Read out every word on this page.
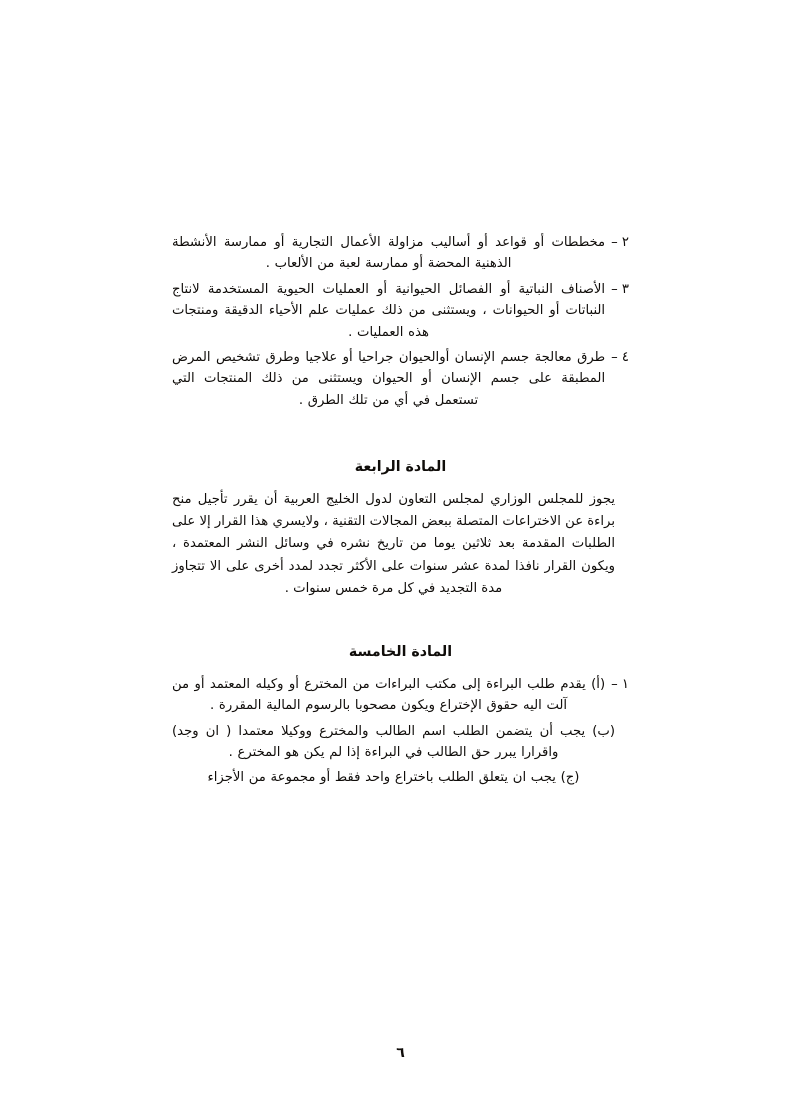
٢ –
مخططات أو قواعد أو أساليب مزاولة الأعمال التجارية أو ممارسة الأنشطة الذهنية المحضة أو ممارسة لعبة من الألعاب .
٣ –
الأصناف النباتية أو الفصائل الحيوانية أو العمليات الحيوية المستخدمة لانتاج النباتات أو الحيوانات ، ويستثنى من ذلك عمليات علم الأحياء الدقيقة ومنتجات هذه العمليات .
٤ –
طرق معالجة جسم الإنسان أوالحيوان جراحيا أو علاجيا وطرق تشخيص المرض المطبقة على جسم الإنسان أو الحيوان ويستثنى من ذلك المنتجات التي تستعمل في أي من تلك الطرق .
المادة الرابعة

يجوز للمجلس الوزاري لمجلس التعاون لدول الخليج العربية أن يقرر تأجيل منح براءة عن الاختراعات المتصلة ببعض المجالات التقنية ، ولايسري هذا القرار إلا على الطلبات المقدمة بعد ثلاثين يوما من تاريخ نشره في وسائل النشر المعتمدة ، ويكون القرار نافذا لمدة عشر سنوات على الأكثر تجدد لمدد أخرى على الا تتجاوز مدة التجديد في كل مرة خمس سنوات .

المادة الخامسة
١ –
(أ) يقدم طلب البراءة إلى مكتب البراءات من المخترع أو وكيله المعتمد أو من آلت اليه حقوق الإختراع ويكون مصحوبا بالرسوم المالية المقررة .
(ب) يجب أن يتضمن الطلب اسم الطالب والمخترع ووكيلا معتمدا ( ان وجد) واقرارا يبرر حق الطالب في البراءة إذا لم يكن هو المخترع .
(ج) يجب ان يتعلق الطلب باختراع واحد فقط أو مجموعة من الأجزاء
٦
